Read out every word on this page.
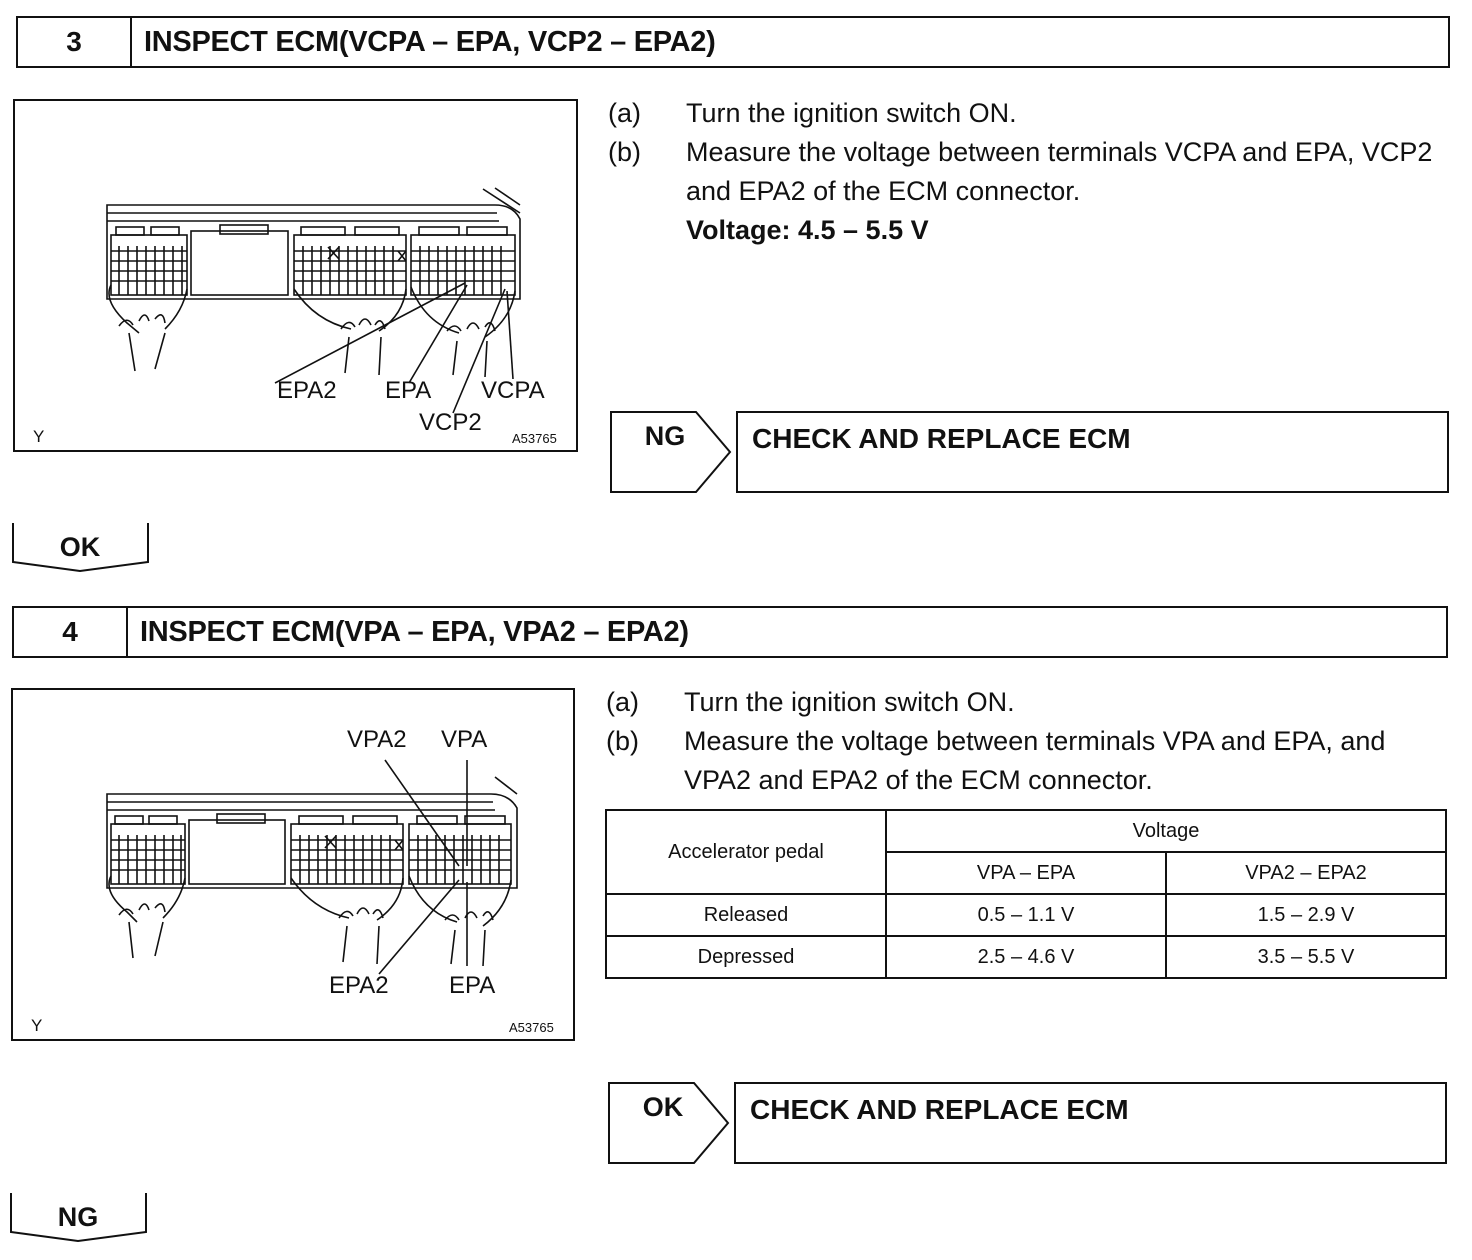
3	INSPECT ECM(VCPA – EPA, VCP2 – EPA2)
EPA2 EPA VCPA
VCP2
Y	A53765
(a)	Turn the ignition switch ON.
(b)	Measure the voltage between terminals VCPA and EPA, VCP2 and EPA2 of the ECM connector.
Voltage: 4.5 – 5.5 V
NG	CHECK AND REPLACE ECM
OK
4	INSPECT ECM(VPA – EPA, VPA2 – EPA2)
VPA2 VPA
EPA2	EPA
Y	A53765
(a)	Turn the ignition switch ON.
(b)	Measure the voltage between terminals VPA and EPA, and VPA2 and EPA2 of the ECM connector.
Accelerator pedal	Voltage	
	VPA – EPA	VPA2 – EPA2
Released	0.5 – 1.1 V	1.5 – 2.9 V
Depressed	2.5 – 4.6 V	3.5 – 5.5 V
OK	CHECK AND REPLACE ECM
NG
